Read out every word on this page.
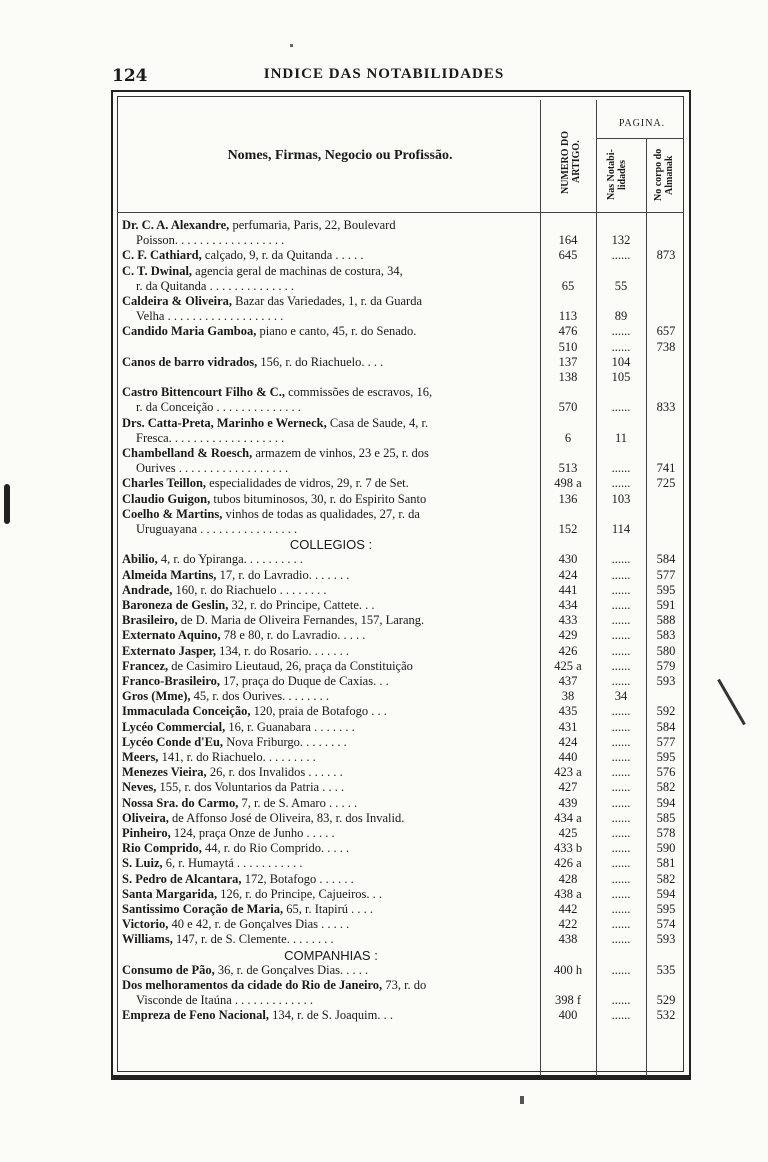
124	INDICE DAS NOTABILIDADES
Nomes, Firmas, Negocio ou Profissão.	NUMERO DO ARTIGO.
PAGINA.
Nas Notabi-lidades	No corpo do Almanak
Dr. C. A. Alexandre, perfumaria, Paris, 22, Boulevard
Poisson. . . . . . . . . . . . . . . . . .	164	132
C. F. Cathiard, calçado, 9, r. da Quitanda . . . . .	645	......	873
C. T. Dwinal, agencia geral de machinas de costura, 34,
r. da Quitanda . . . . . . . . . . . . . .	65	55
Caldeira & Oliveira, Bazar das Variedades, 1, r. da Guarda
Velha . . . . . . . . . . . . . . . . . . .	113	89
Candido Maria Gamboa, piano e canto, 45, r. do Senado.	476	......	657
510	......	738
Canos de barro vidrados, 156, r. do Riachuelo. . . .	137	104
138	105
Castro Bittencourt Filho & C., commissões de escravos, 16,
r. da Conceição . . . . . . . . . . . . . .	570	......	833
Drs. Catta-Preta, Marinho e Werneck, Casa de Saude, 4, r.
Fresca. . . . . . . . . . . . . . . . . . .	6	11
Chambelland & Roesch, armazem de vinhos, 23 e 25, r. dos
Ourives . . . . . . . . . . . . . . . . . .	513	......	741
Charles Teillon, especialidades de vidros, 29, r. 7 de Set.	498 a	......	725
Claudio Guigon, tubos bituminosos, 30, r. do Espirito Santo	136	103
Coelho & Martins, vinhos de todas as qualidades, 27, r. da
Uruguayana . . . . . . . . . . . . . . . .	152	114
COLLEGIOS :
Abilio, 4, r. do Ypiranga. . . . . . . . . .	430	......	584
Almeida Martins, 17, r. do Lavradio. . . . . . .	424	......	577
Andrade, 160, r. do Riachuelo . . . . . . . .	441	......	595
Baroneza de Geslin, 32, r. do Principe, Cattete. . .	434	......	591
Brasileiro, de D. Maria de Oliveira Fernandes, 157, Larang.	433	......	588
Externato Aquino, 78 e 80, r. do Lavradio. . . . .	429	......	583
Externato Jasper, 134, r. do Rosario. . . . . . .	426	......	580
Francez, de Casimiro Lieutaud, 26, praça da Constituição	425 a	......	579
Franco-Brasileiro, 17, praça do Duque de Caxias. . .	437	......	593
Gros (Mme), 45, r. dos Ourives. . . . . . . .	38	34
Immaculada Conceição, 120, praia de Botafogo . . .	435	......	592
Lycéo Commercial, 16, r. Guanabara . . . . . . .	431	......	584
Lycéo Conde d'Eu, Nova Friburgo. . . . . . . .	424	......	577
Meers, 141, r. do Riachuelo. . . . . . . . .	440	......	595
Menezes Vieira, 26, r. dos Invalidos . . . . . .	423 a	......	576
Neves, 155, r. dos Voluntarios da Patria . . . .	427	......	582
Nossa Sra. do Carmo, 7, r. de S. Amaro . . . . .	439	......	594
Oliveira, de Affonso José de Oliveira, 83, r. dos Invalid.	434 a	......	585
Pinheiro, 124, praça Onze de Junho . . . . .	425	......	578
Rio Comprido, 44, r. do Rio Comprido. . . . .	433 b	......	590
S. Luiz, 6, r. Humaytá . . . . . . . . . . .	426 a	......	581
S. Pedro de Alcantara, 172, Botafogo . . . . . .	428	......	582
Santa Margarida, 126, r. do Principe, Cajueiros. . .	438 a	......	594
Santissimo Coração de Maria, 65, r. Itapirú . . . .	442	......	595
Victorio, 40 e 42, r. de Gonçalves Dias . . . . .	422	......	574
Williams, 147, r. de S. Clemente. . . . . . . .	438	......	593
COMPANHIAS :
Consumo de Pão, 36, r. de Gonçalves Dias. . . . .	400 h	......	535
Dos melhoramentos da cidade do Rio de Janeiro, 73, r. do
Visconde de Itaúna . . . . . . . . . . . . .	398 f	......	529
Empreza de Feno Nacional, 134, r. de S. Joaquim. . .	400	......	532
